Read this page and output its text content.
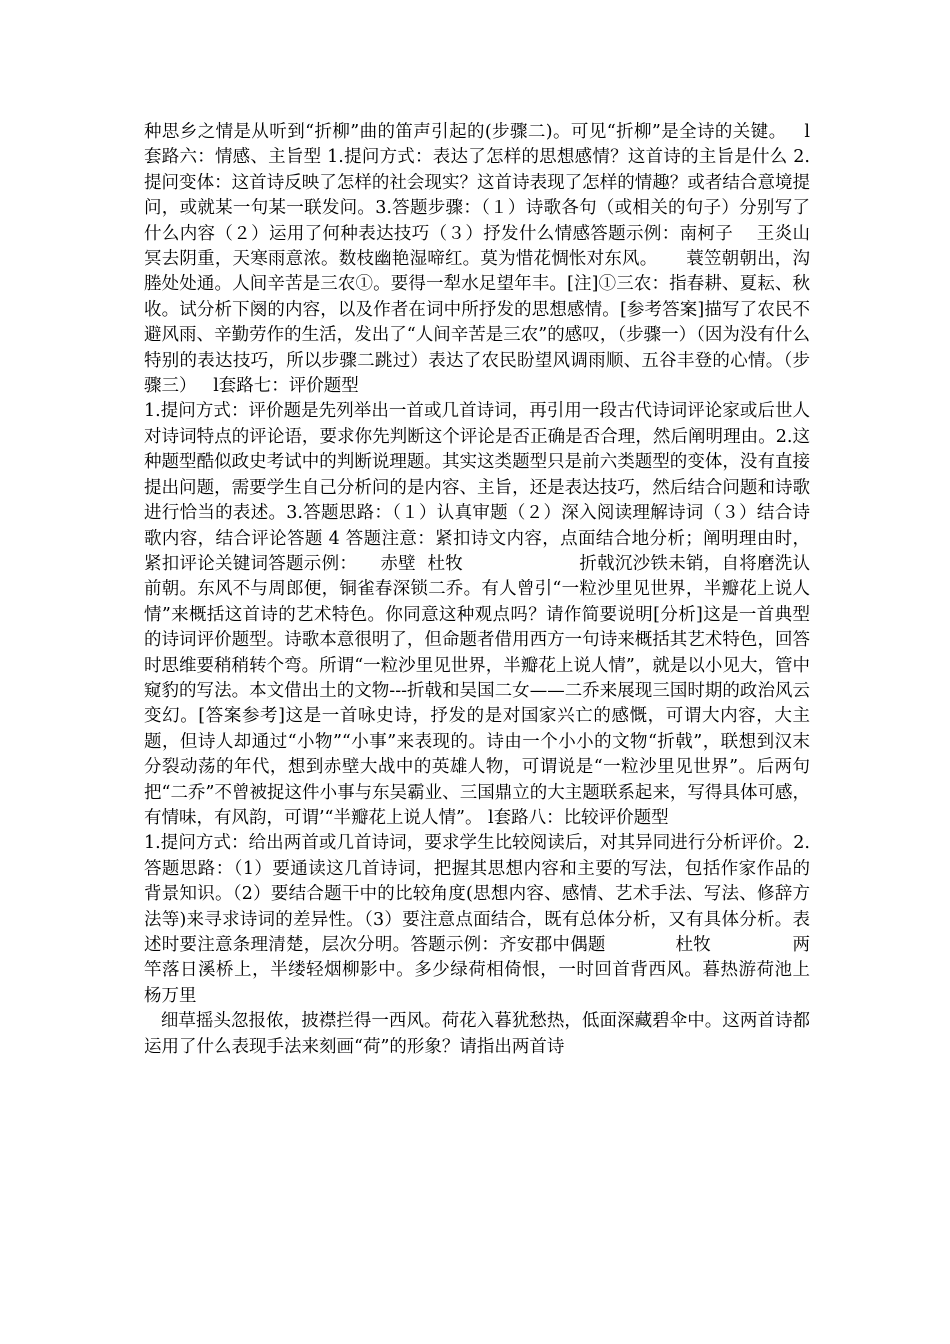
种思乡之情是从听到“折柳”曲的笛声引起的(步骤二)。可见“折柳”是全诗的关键。   l套路六：情感、主旨型 1.提问方式：表达了怎样的思想感情？这首诗的主旨是什么 2.提问变体：这首诗反映了怎样的社会现实？这首诗表现了怎样的情趣？或者结合意境提问，或就某一句某一联发问。3.答题步骤：（１）诗歌各句（或相关的句子）分别写了什么内容（２）运用了何种表达技巧（３）抒发什么情感答题示例：南柯子    王炎山冥去阴重，天寒雨意浓。数枝幽艳湿啼红。莫为惜花惆怅对东风。     蓑笠朝朝出，沟塍处处通。人间辛苦是三农①。要得一犁水足望年丰。[注]①三农：指春耕、夏耘、秋收。试分析下阕的内容，以及作者在词中所抒发的思想感情。[参考答案]描写了农民不避风雨、辛勤劳作的生活，发出了“人间辛苦是三农”的感叹，（步骤一）（因为没有什么特别的表达技巧，所以步骤二跳过）表达了农民盼望风调雨顺、五谷丰登的心情。（步骤三）   l套路七：评价题型

1.提问方式：评价题是先列举出一首或几首诗词，再引用一段古代诗词评论家或后世人对诗词特点的评论语，要求你先判断这个评论是否正确是否合理，然后阐明理由。2.这种题型酷似政史考试中的判断说理题。其实这类题型只是前六类题型的变体，没有直接提出问题，需要学生自己分析问的是内容、主旨，还是表达技巧，然后结合问题和诗歌进行恰当的表述。3.答题思路：（１）认真审题（２）深入阅读理解诗词（３）结合诗歌内容，结合评论答题 4 答题注意：紧扣诗文内容，点面结合地分析；阐明理由时，紧扣评论关键词答题示例：    赤壁  杜牧                    折戟沉沙铁未销，自将磨洗认前朝。东风不与周郎便，铜雀春深锁二乔。有人曾引“一粒沙里见世界，半瓣花上说人情”来概括这首诗的艺术特色。你同意这种观点吗？请作简要说明[分析]这是一首典型的诗词评价题型。诗歌本意很明了，但命题者借用西方一句诗来概括其艺术特色，回答时思维要稍稍转个弯。所谓“一粒沙里见世界，半瓣花上说人情”，就是以小见大，管中窥豹的写法。本文借出土的文物---折戟和吴国二女——二乔来展现三国时期的政治风云变幻。[答案参考]这是一首咏史诗，抒发的是对国家兴亡的感慨，可谓大内容，大主题，但诗人却通过“小物”“小事”来表现的。诗由一个小小的文物“折戟”，联想到汉末分裂动荡的年代，想到赤壁大战中的英雄人物，可谓说是“一粒沙里见世界”。后两句把“二乔”不曾被捉这件小事与东吴霸业、三国鼎立的大主题联系起来，写得具体可感，有情味，有风韵，可谓’“半瓣花上说人情”。 l套路八：比较评价题型

1.提问方式：给出两首或几首诗词，要求学生比较阅读后，对其异同进行分析评价。2.答题思路：（1）要通读这几首诗词，把握其思想内容和主要的写法，包括作家作品的背景知识。（2）要结合题干中的比较角度(思想内容、感情、艺术手法、写法、修辞方法等)来寻求诗词的差异性。（3）要注意点面结合，既有总体分析，又有具体分析。表述时要注意条理清楚，层次分明。答题示例：齐安郡中偶题            杜牧              两竿落日溪桥上，半缕轻烟柳影中。多少绿荷相倚恨，一时回首背西风。暮热游荷池上 杨万里

细草摇头忽报侬，披襟拦得一西风。荷花入暮犹愁热，低面深藏碧伞中。这两首诗都运用了什么表现手法来刻画“荷”的形象？请指出两首诗
